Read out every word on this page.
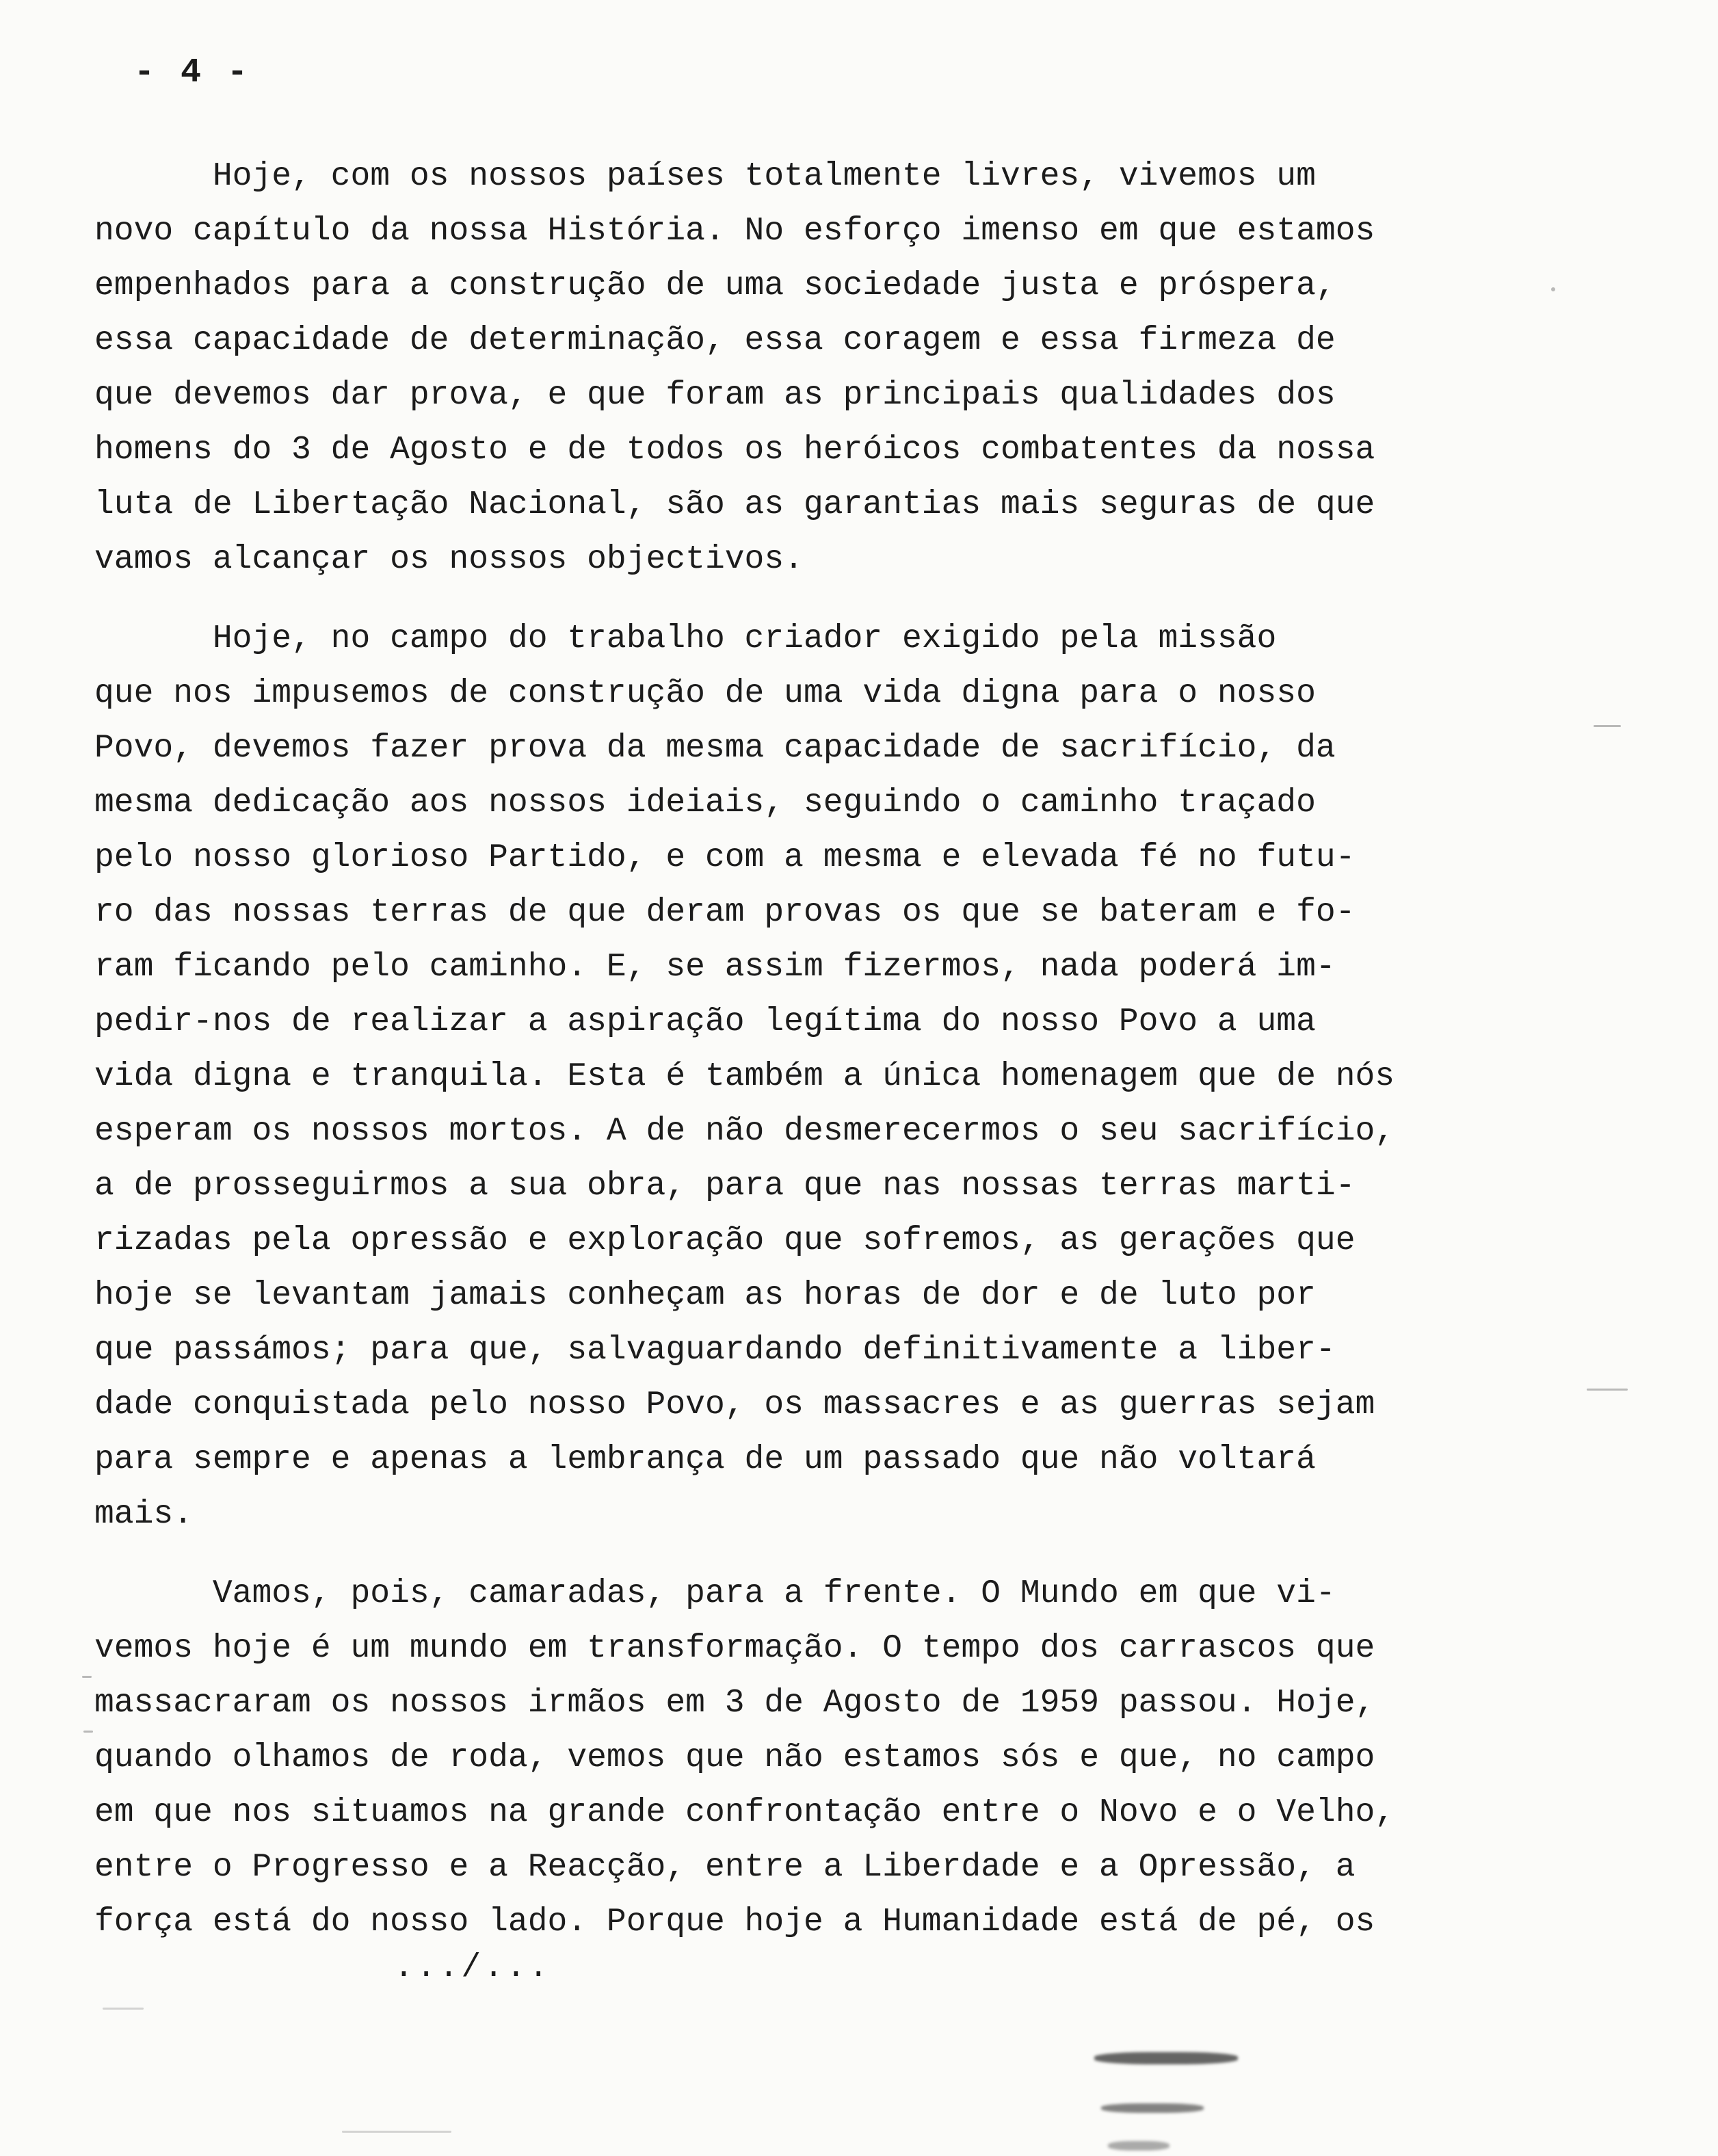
- 4 -

Hoje, com os nossos países totalmente livres, vivemos um
novo capítulo da nossa História. No esforço imenso em que estamos
empenhados para a construção de uma sociedade justa e próspera,
essa capacidade de determinação, essa coragem e essa firmeza de
que devemos dar prova, e que foram as principais qualidades dos
homens do 3 de Agosto e de todos os heróicos combatentes da nossa
luta de Libertação Nacional, são as garantias mais seguras de que
vamos alcançar os nossos objectivos.

Hoje, no campo do trabalho criador exigido pela missão
que nos impusemos de construção de uma vida digna para o nosso
Povo, devemos fazer prova da mesma capacidade de sacrifício, da
mesma dedicação aos nossos ideiais, seguindo o caminho traçado
pelo nosso glorioso Partido, e com a mesma e elevada fé no futu-
ro das nossas terras de que deram provas os que se bateram e fo-
ram ficando pelo caminho. E, se assim fizermos, nada poderá im-
pedir-nos de realizar a aspiração legítima do nosso Povo a uma
vida digna e tranquila. Esta é também a única homenagem que de nós
esperam os nossos mortos. A de não desmerecermos o seu sacrifício,
a de prosseguirmos a sua obra, para que nas nossas terras marti-
rizadas pela opressão e exploração que sofremos, as gerações que
hoje se levantam jamais conheçam as horas de dor e de luto por
que passámos; para que, salvaguardando definitivamente a liber-
dade conquistada pelo nosso Povo, os massacres e as guerras sejam
para sempre e apenas a lembrança de um passado que não voltará
mais.

Vamos, pois, camaradas, para a frente. O Mundo em que vi-
vemos hoje é um mundo em transformação. O tempo dos carrascos que
massacraram os nossos irmãos em 3 de Agosto de 1959 passou. Hoje,
quando olhamos de roda, vemos que não estamos sós e que, no campo
em que nos situamos na grande confrontação entre o Novo e o Velho,
entre o Progresso e a Reacção, entre a Liberdade e a Opressão, a
força está do nosso lado. Porque hoje a Humanidade está de pé, os

.../...
